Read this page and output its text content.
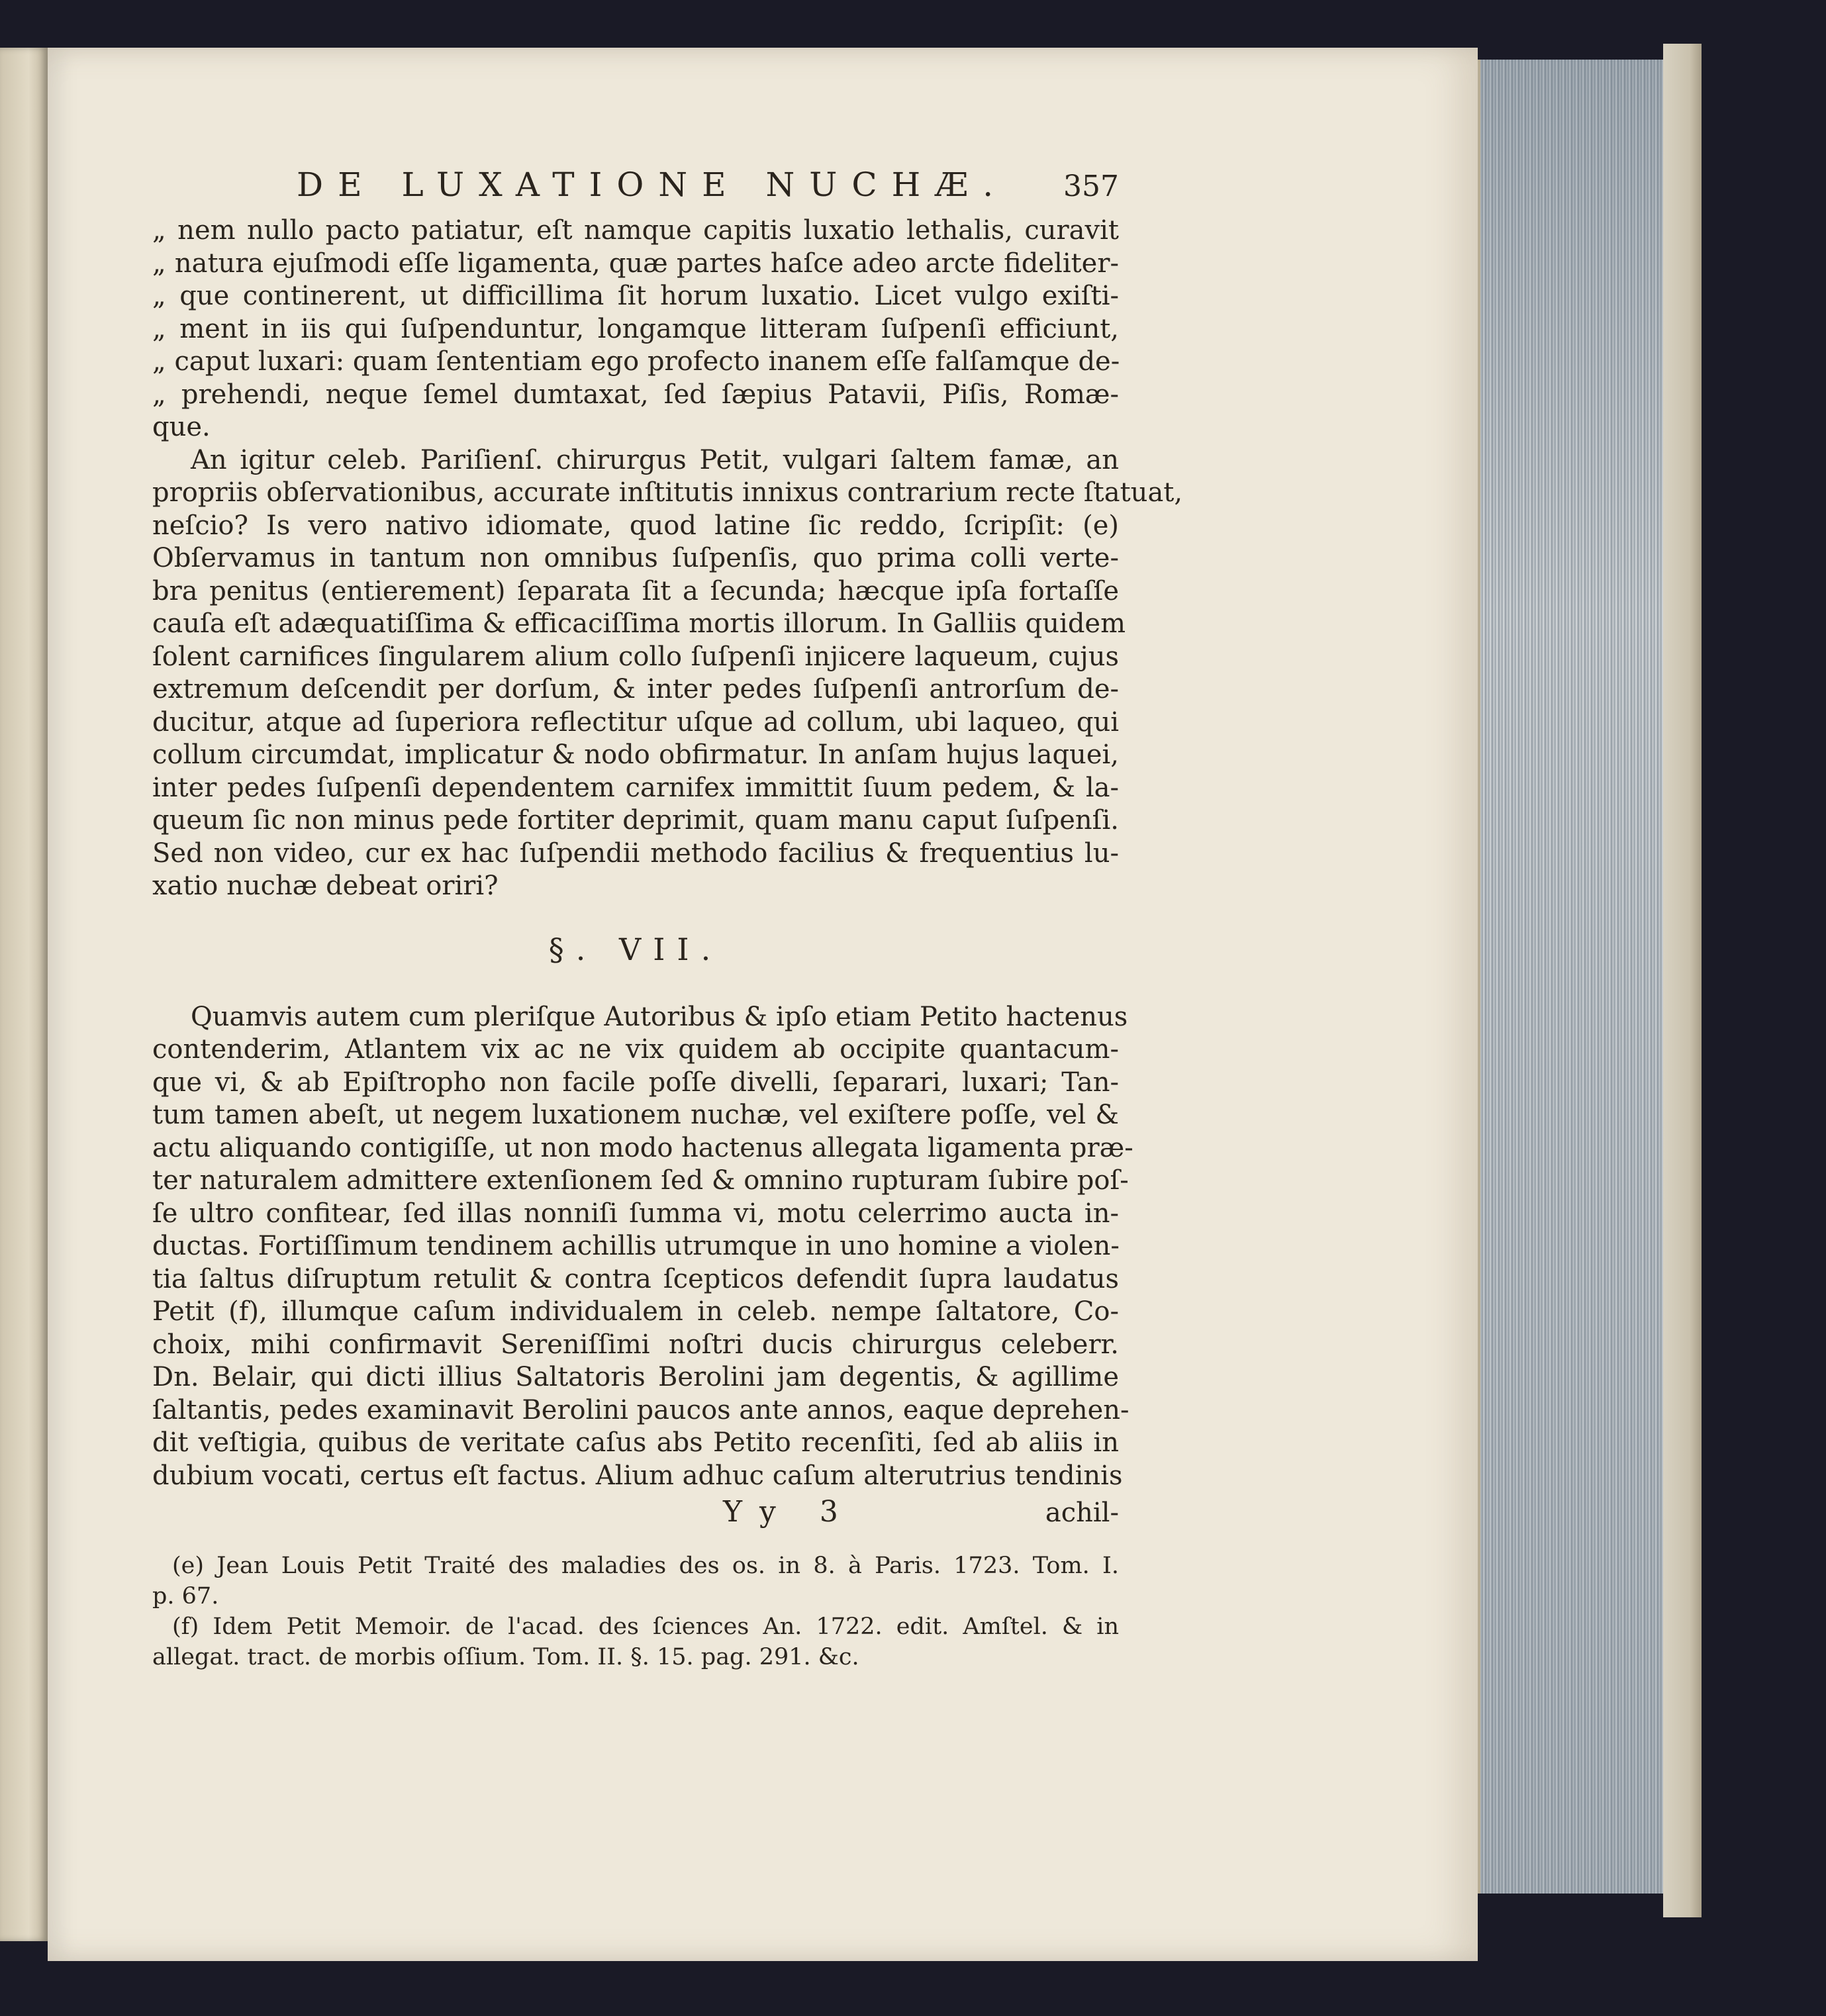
DE LUXATIONE NUCHÆ. 357

„ nem nullo pacto patiatur, eſt namque capitis luxatio lethalis, curavit
„ natura ejuſmodi eſſe ligamenta, quæ partes haſce adeo arcte fideliter-
„ que continerent, ut difficillima ſit horum luxatio. Licet vulgo exiſti-
„ ment in iis qui ſuſpenduntur, longamque litteram ſuſpenſi efficiunt,
„ caput luxari: quam ſententiam ego profecto inanem eſſe falſamque de-
„ prehendi, neque ſemel dumtaxat, ſed ſæpius Patavii, Piſis, Romæ-
que.

An igitur celeb. Pariſienſ. chirurgus Petit, vulgari ſaltem famæ, an
propriis obſervationibus, accurate inſtitutis innixus contrarium recte ſtatuat,
neſcio? Is vero nativo idiomate, quod latine ſic reddo, ſcripſit: (e)
Obſervamus in tantum non omnibus ſuſpenſis, quo prima colli verte-
bra penitus (entierement) ſeparata ſit a ſecunda; hæcque ipſa fortaſſe
cauſa eſt adæquatiſſima & efficaciſſima mortis illorum. In Galliis quidem
ſolent carnifices ſingularem alium collo ſuſpenſi injicere laqueum, cujus
extremum deſcendit per dorſum, & inter pedes ſuſpenſi antrorſum de-
ducitur, atque ad ſuperiora reflectitur uſque ad collum, ubi laqueo, qui
collum circumdat, implicatur & nodo obfirmatur. In anſam hujus laquei,
inter pedes ſuſpenſi dependentem carnifex immittit ſuum pedem, & la-
queum ſic non minus pede fortiter deprimit, quam manu caput ſuſpenſi.
Sed non video, cur ex hac ſuſpendii methodo facilius & frequentius lu-
xatio nuchæ debeat oriri?

§. VII.

Quamvis autem cum pleriſque Autoribus & ipſo etiam Petito hactenus
contenderim, Atlantem vix ac ne vix quidem ab occipite quantacum-
que vi, & ab Epiſtropho non facile poſſe divelli, ſeparari, luxari; Tan-
tum tamen abeſt, ut negem luxationem nuchæ, vel exiſtere poſſe, vel &
actu aliquando contigiſſe, ut non modo hactenus allegata ligamenta præ-
ter naturalem admittere extenſionem ſed & omnino rupturam ſubire poſ-
ſe ultro confitear, ſed illas nonniſi ſumma vi, motu celerrimo aucta in-
ductas. Fortiſſimum tendinem achillis utrumque in uno homine a violen-
tia ſaltus diſruptum retulit & contra ſcepticos defendit ſupra laudatus
Petit (f), illumque caſum individualem in celeb. nempe ſaltatore, Co-
choix, mihi confirmavit Sereniſſimi noſtri ducis chirurgus celeberr.
Dn. Belair, qui dicti illius Saltatoris Berolini jam degentis, & agillime
ſaltantis, pedes examinavit Berolini paucos ante annos, eaque deprehen-
dit veſtigia, quibus de veritate caſus abs Petito recenſiti, ſed ab aliis in
dubium vocati, certus eſt factus. Alium adhuc caſum alterutrius tendinis

Yy 3	achil-
(e) Jean Louis Petit Traité des maladies des os. in 8. à Paris. 1723. Tom. I.
p. 67.
(f) Idem Petit Memoir. de l'acad. des ſciences An. 1722. edit. Amſtel. & in
allegat. tract. de morbis oſſium. Tom. II. §. 15. pag. 291. &c.
